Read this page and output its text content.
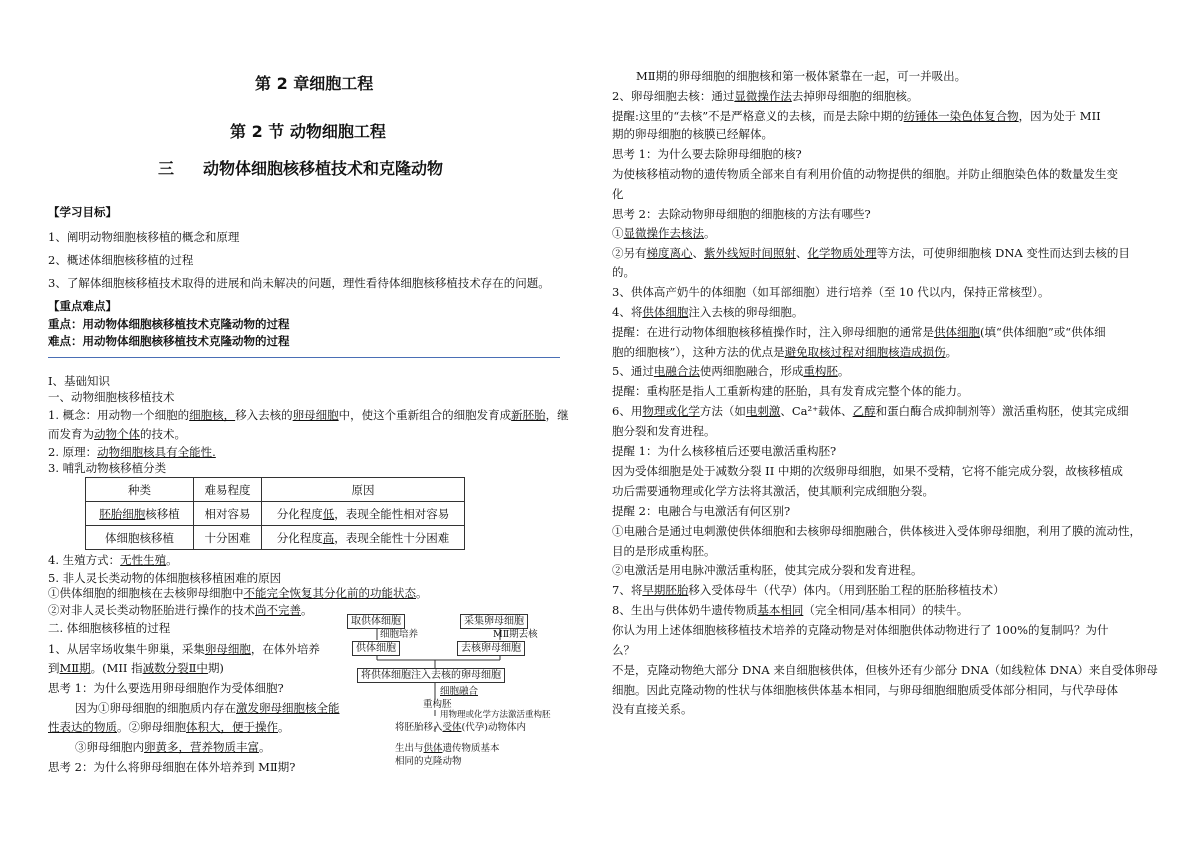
第 2 章细胞工程
第 2 节 动物细胞工程
三 动物体细胞核移植技术和克隆动物
【学习目标】
1、阐明动物细胞核移植的概念和原理
2、概述体细胞核移植的过程
3、了解体细胞核移植技术取得的进展和尚未解决的问题，理性看待体细胞核移植技术存在的问题。
【重点难点】
重点：用动物体细胞核移植技术克隆动物的过程
难点：用动物体细胞核移植技术克隆动物的过程
Ⅰ、基础知识
一、动物细胞核移植技术
1. 概念：用动物一个细胞的细胞核，移入去核的卵母细胞中，使这个重新组合的细胞发育成新胚胎，继
而发育为动物个体的技术。
2. 原理：动物细胞核具有全能性.
3. 哺乳动物核移植分类
种类	难易程度	原因
胚胎细胞核移植	相对容易	分化程度低，表现全能性相对容易
体细胞核移植	十分困难	分化程度高，表现全能性十分困难
4. 生殖方式：无性生殖。
5. 非人灵长类动物的体细胞核移植困难的原因
①供体细胞的细胞核在去核卵母细胞中不能完全恢复其分化前的功能状态。
②对非人灵长类动物胚胎进行操作的技术尚不完善。
二. 体细胞核移植的过程
1、从居宰场收集牛卵巢，采集卵母细胞，在体外培养
到MⅡ期。(MII 指减数分裂Ⅱ中期)
思考 1：为什么要选用卵母细胞作为受体细胞?
因为①卵母细胞的细胞质内存在激发卵母细胞核全能
性表达的物质。②卵母细胞体积大，便于操作。
③卵母细胞内卵黄多，营养物质丰富。
思考 2：为什么将卵母细胞在体外培养到 MⅡ期?
取供体细胞
细胞培养
供体细胞
采集卵母细胞
MⅡ期去核
去核卵母细胞
将供体细胞注入去核的卵母细胞
细胞融合
重构胚
用物理或化学方法激活重构胚
将胚胎移入受体(代孕)动物体内
生出与供体遗传物质基本
相同的克隆动物
MⅡ期的卵母细胞的细胞核和第一极体紧靠在一起，可一并吸出。
2、卵母细胞去核：通过显微操作法去掉卵母细胞的细胞核。
提醒:这里的“去核”不是严格意义的去核，而是去除中期的纺锤体一染色体复合物，因为处于 MII
期的卵母细胞的核膜已经解体。
思考 1：为什么要去除卵母细胞的核?
为使核移植动物的遗传物质全部来自有利用价值的动物提供的细胞。并防止细胞染色体的数量发生变
化
思考 2：去除动物卵母细胞的细胞核的方法有哪些?
①显微操作去核法。
②另有梯度离心、紫外线短时间照射、化学物质处理等方法，可使卵细胞核 DNA 变性而达到去核的目
的。
3、供体高产奶牛的体细胞（如耳部细胞）进行培养（至 10 代以内，保持正常核型）。
4、将供体细胞注入去核的卵母细胞。
提醒：在进行动物体细胞核移植操作时，注入卵母细胞的通常是供体细胞(填“供体细胞”或“供体细
胞的细胞核”），这种方法的优点是避免取核过程对细胞核造成损伤。
5、通过电融合法使两细胞融合，形成重构胚。
提醒：重构胚是指人工重新构建的胚胎，具有发育成完整个体的能力。
6、用物理或化学方法（如电刺激、Ca²⁺载体、乙醇和蛋白酶合成抑制剂等）激活重构胚，使其完成细
胞分裂和发育进程。
提醒 1：为什么核移植后还要电激活重构胚?
因为受体细胞是处于减数分裂 II 中期的次级卵母细胞，如果不受精，它将不能完成分裂，故核移植成
功后需要通物理或化学方法将其激活，使其顺利完成细胞分裂。
提醒 2：电融合与电激活有何区别?
①电融合是通过电刺激使供体细胞和去核卵母细胞融合，供体核进入受体卵母细胞，利用了膜的流动性，
目的是形成重构胚。
②电激活是用电脉冲激活重构胚，使其完成分裂和发育进程。
7、将早期胚胎移入受体母牛（代孕）体内。（用到胚胎工程的胚胎移植技术）
8、生出与供体奶牛遗传物质基本相同（完全相同/基本相同）的犊牛。
你认为用上述体细胞核移植技术培养的克隆动物是对体细胞供体动物进行了 100%的复制吗？为什
么？
不是，克隆动物绝大部分 DNA 来自细胞核供体，但核外还有少部分 DNA（如线粒体 DNA）来自受体卵母
细胞。因此克隆动物的性状与体细胞核供体基本相同，与卵母细胞细胞质受体部分相同，与代孕母体
没有直接关系。
